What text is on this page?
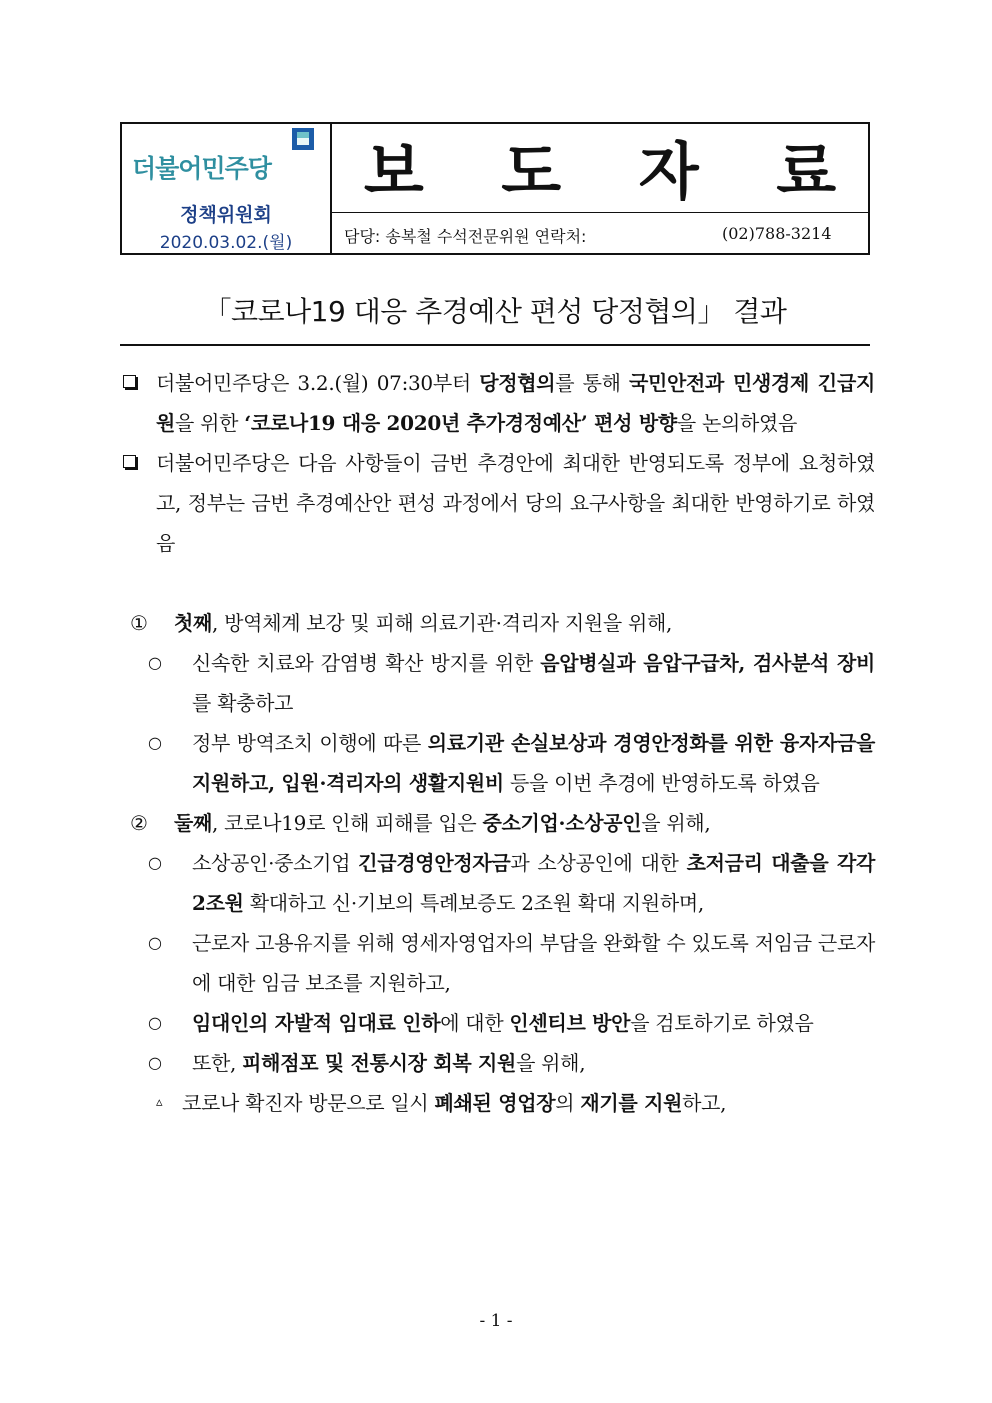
더불어민주당
정책위원회
2020.03.02.(월)
보 도 자 료
담당: 송복철 수석전문위원 연락처:	(02)788-3214
「코로나19 대응 추경예산 편성 당정협의」 결과
더불어민주당은 3.2.(월) 07:30부터 당정협의를 통해 국민안전과 민생경제 긴급지원을 위한 ‘코로나19 대응 2020년 추가경정예산’ 편성 방향을 논의하였음
더불어민주당은 다음 사항들이 금번 추경안에 최대한 반영되도록 정부에 요청하였고, 정부는 금번 추경예산안 편성 과정에서 당의 요구사항을 최대한 반영하기로 하였음
① 첫째, 방역체계 보강 및 피해 의료기관·격리자 지원을 위해,
○ 신속한 치료와 감염병 확산 방지를 위한 음압병실과 음압구급차, 검사분석 장비를 확충하고
○ 정부 방역조치 이행에 따른 의료기관 손실보상과 경영안정화를 위한 융자자금을 지원하고, 입원·격리자의 생활지원비 등을 이번 추경에 반영하도록 하였음
② 둘째, 코로나19로 인해 피해를 입은 중소기업·소상공인을 위해,
○ 소상공인·중소기업 긴급경영안정자금과 소상공인에 대한 초저금리 대출을 각각 2조원 확대하고 신·기보의 특례보증도 2조원 확대 지원하며,
○ 근로자 고용유지를 위해 영세자영업자의 부담을 완화할 수 있도록 저임금 근로자에 대한 임금 보조를 지원하고,
○ 임대인의 자발적 임대료 인하에 대한 인센티브 방안을 검토하기로 하였음
○ 또한, 피해점포 및 전통시장 회복 지원을 위해,
▵ 코로나 확진자 방문으로 일시 폐쇄된 영업장의 재기를 지원하고,
- 1 -
